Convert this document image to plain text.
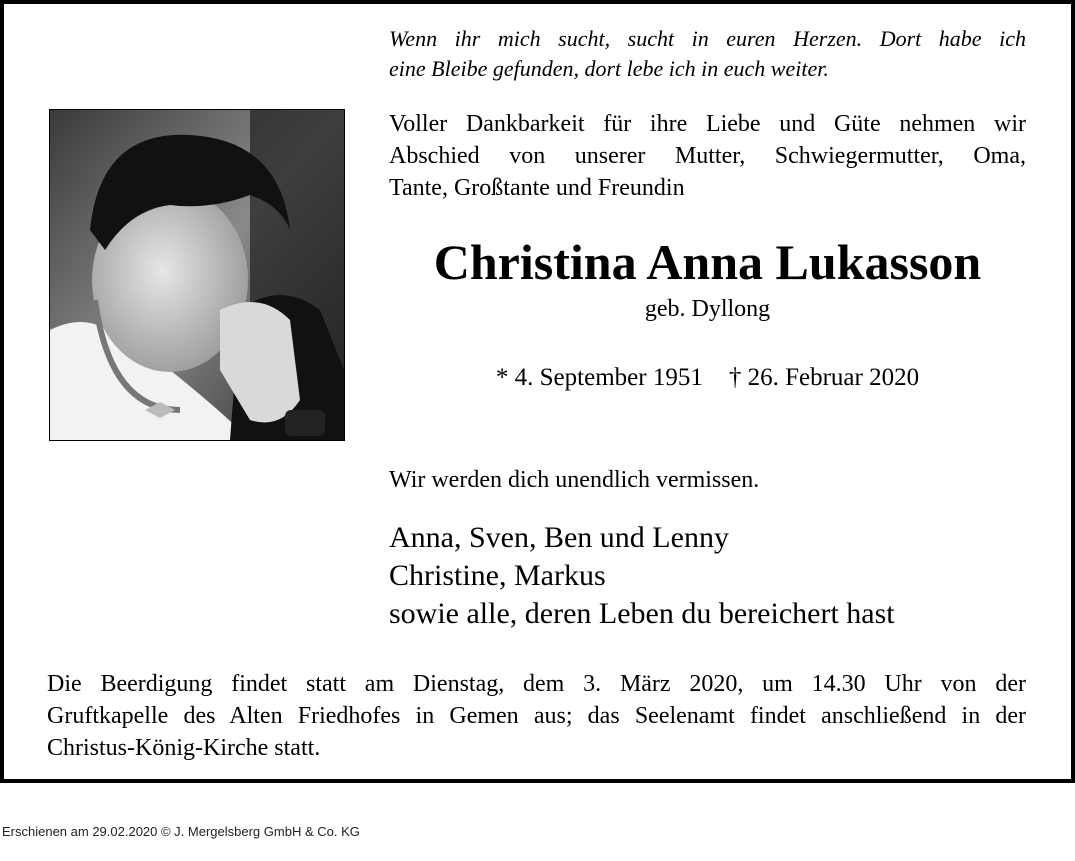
Wenn ihr mich sucht, sucht in euren Herzen. Dort habe ich
eine Bleibe gefunden, dort lebe ich in euch weiter.
Voller Dankbarkeit für ihre Liebe und Güte nehmen wir
Abschied von unserer Mutter, Schwiegermutter, Oma,
Tante, Großtante und Freundin
Christina Anna Lukasson
geb. Dyllong
* 4. September 1951 † 26. Februar 2020
Wir werden dich unendlich vermissen.
Anna, Sven, Ben und Lenny
Christine, Markus
sowie alle, deren Leben du bereichert hast
Die Beerdigung findet statt am Dienstag, dem 3. März 2020, um 14.30 Uhr von der
Gruftkapelle des Alten Friedhofes in Gemen aus; das Seelenamt findet anschließend in der
Christus-König-Kirche statt.
Erschienen am 29.02.2020 © J. Mergelsberg GmbH & Co. KG
